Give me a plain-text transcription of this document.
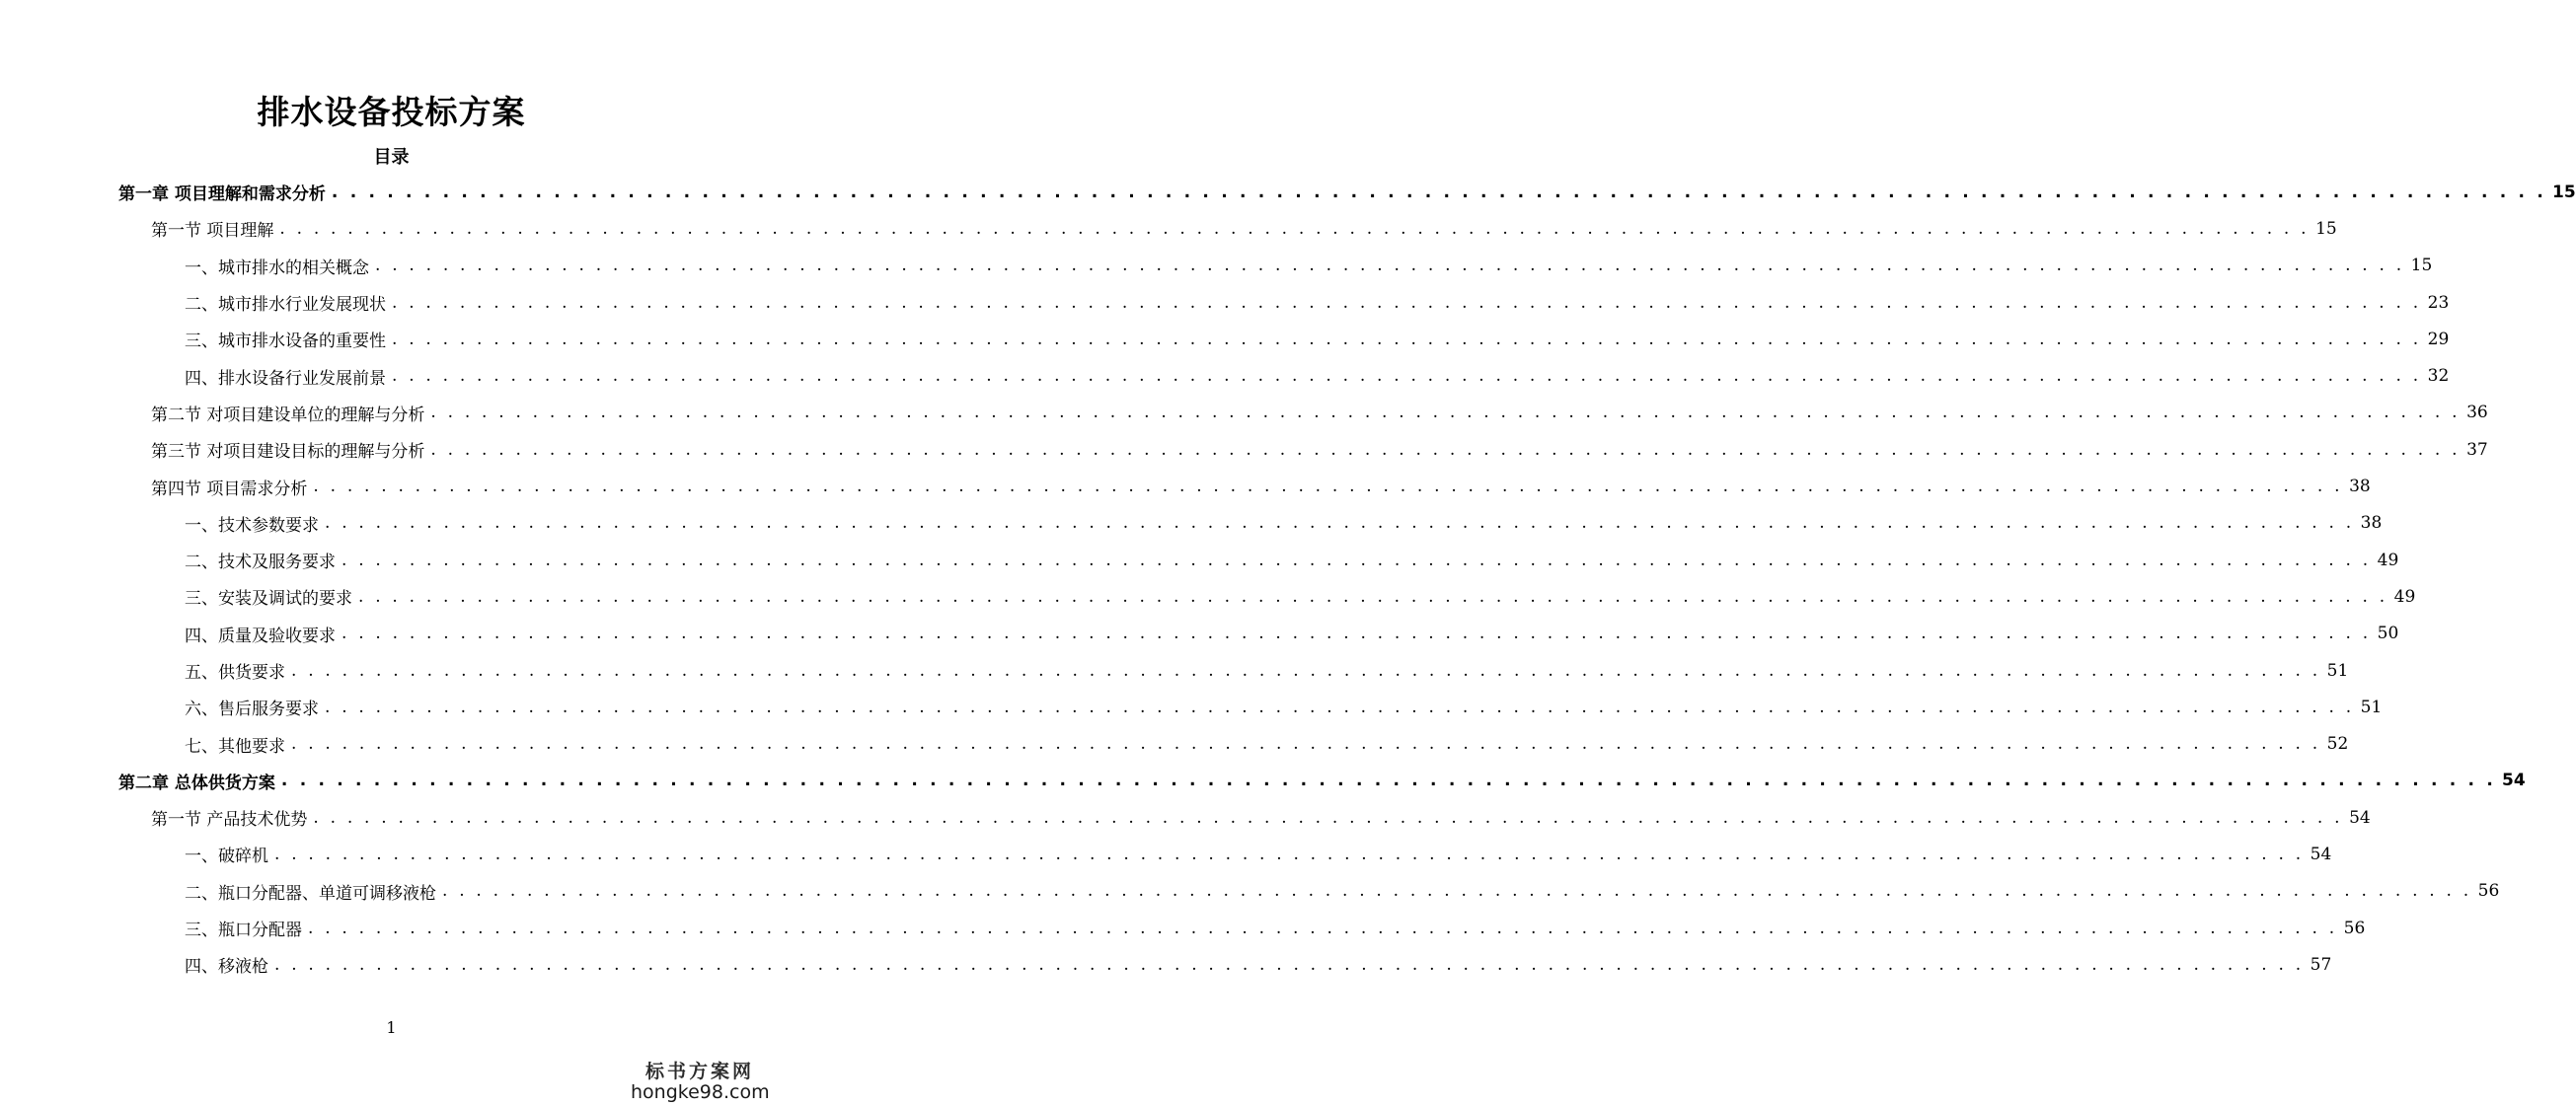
排水设备投标方案
目录
第一章 项目理解和需求分析 . . . . . . . . . . . . . . . . . . . . . . . . . . . . . . . . . . . . . . . . . . . . . . . . . . . . . . . . . . . . . . . . . . . . . . . . . . . . . . . . . . . . . . . . . . . . . . . . . . . . . . . . . . . . . . . . . . . . . . . . 15
第一节 项目理解 . . . . . . . . . . . . . . . . . . . . . . . . . . . . . . . . . . . . . . . . . . . . . . . . . . . . . . . . . . . . . . . . . . . . . . . . . . . . . . . . . . . . . . . . . . . . . . . . . . . . . . . . . . . . . . . . . . . . . . . . 15
一、城市排水的相关概念 . . . . . . . . . . . . . . . . . . . . . . . . . . . . . . . . . . . . . . . . . . . . . . . . . . . . . . . . . . . . . . . . . . . . . . . . . . . . . . . . . . . . . . . . . . . . . . . . . . . . . . . . . . . . . . . . . . . . . . . . 15
二、城市排水行业发展现状 . . . . . . . . . . . . . . . . . . . . . . . . . . . . . . . . . . . . . . . . . . . . . . . . . . . . . . . . . . . . . . . . . . . . . . . . . . . . . . . . . . . . . . . . . . . . . . . . . . . . . . . . . . . . . . . . . . . . . . . . 23
三、城市排水设备的重要性 . . . . . . . . . . . . . . . . . . . . . . . . . . . . . . . . . . . . . . . . . . . . . . . . . . . . . . . . . . . . . . . . . . . . . . . . . . . . . . . . . . . . . . . . . . . . . . . . . . . . . . . . . . . . . . . . . . . . . . . . 29
四、排水设备行业发展前景 . . . . . . . . . . . . . . . . . . . . . . . . . . . . . . . . . . . . . . . . . . . . . . . . . . . . . . . . . . . . . . . . . . . . . . . . . . . . . . . . . . . . . . . . . . . . . . . . . . . . . . . . . . . . . . . . . . . . . . . . 32
第二节 对项目建设单位的理解与分析 . . . . . . . . . . . . . . . . . . . . . . . . . . . . . . . . . . . . . . . . . . . . . . . . . . . . . . . . . . . . . . . . . . . . . . . . . . . . . . . . . . . . . . . . . . . . . . . . . . . . . . . . . . . . . . . . . . . . . . . . 36
第三节 对项目建设目标的理解与分析 . . . . . . . . . . . . . . . . . . . . . . . . . . . . . . . . . . . . . . . . . . . . . . . . . . . . . . . . . . . . . . . . . . . . . . . . . . . . . . . . . . . . . . . . . . . . . . . . . . . . . . . . . . . . . . . . . . . . . . . . 37
第四节 项目需求分析 . . . . . . . . . . . . . . . . . . . . . . . . . . . . . . . . . . . . . . . . . . . . . . . . . . . . . . . . . . . . . . . . . . . . . . . . . . . . . . . . . . . . . . . . . . . . . . . . . . . . . . . . . . . . . . . . . . . . . . . . 38
一、技术参数要求 . . . . . . . . . . . . . . . . . . . . . . . . . . . . . . . . . . . . . . . . . . . . . . . . . . . . . . . . . . . . . . . . . . . . . . . . . . . . . . . . . . . . . . . . . . . . . . . . . . . . . . . . . . . . . . . . . . . . . . . . 38
二、技术及服务要求 . . . . . . . . . . . . . . . . . . . . . . . . . . . . . . . . . . . . . . . . . . . . . . . . . . . . . . . . . . . . . . . . . . . . . . . . . . . . . . . . . . . . . . . . . . . . . . . . . . . . . . . . . . . . . . . . . . . . . . . . 49
三、安装及调试的要求 . . . . . . . . . . . . . . . . . . . . . . . . . . . . . . . . . . . . . . . . . . . . . . . . . . . . . . . . . . . . . . . . . . . . . . . . . . . . . . . . . . . . . . . . . . . . . . . . . . . . . . . . . . . . . . . . . . . . . . . . 49
四、质量及验收要求 . . . . . . . . . . . . . . . . . . . . . . . . . . . . . . . . . . . . . . . . . . . . . . . . . . . . . . . . . . . . . . . . . . . . . . . . . . . . . . . . . . . . . . . . . . . . . . . . . . . . . . . . . . . . . . . . . . . . . . . . 50
五、供货要求 . . . . . . . . . . . . . . . . . . . . . . . . . . . . . . . . . . . . . . . . . . . . . . . . . . . . . . . . . . . . . . . . . . . . . . . . . . . . . . . . . . . . . . . . . . . . . . . . . . . . . . . . . . . . . . . . . . . . . . . . 51
六、售后服务要求 . . . . . . . . . . . . . . . . . . . . . . . . . . . . . . . . . . . . . . . . . . . . . . . . . . . . . . . . . . . . . . . . . . . . . . . . . . . . . . . . . . . . . . . . . . . . . . . . . . . . . . . . . . . . . . . . . . . . . . . . 51
七、其他要求 . . . . . . . . . . . . . . . . . . . . . . . . . . . . . . . . . . . . . . . . . . . . . . . . . . . . . . . . . . . . . . . . . . . . . . . . . . . . . . . . . . . . . . . . . . . . . . . . . . . . . . . . . . . . . . . . . . . . . . . . 52
第二章 总体供货方案 . . . . . . . . . . . . . . . . . . . . . . . . . . . . . . . . . . . . . . . . . . . . . . . . . . . . . . . . . . . . . . . . . . . . . . . . . . . . . . . . . . . . . . . . . . . . . . . . . . . . . . . . . . . . . . . . . . . . . . . . 54
第一节 产品技术优势 . . . . . . . . . . . . . . . . . . . . . . . . . . . . . . . . . . . . . . . . . . . . . . . . . . . . . . . . . . . . . . . . . . . . . . . . . . . . . . . . . . . . . . . . . . . . . . . . . . . . . . . . . . . . . . . . . . . . . . . . 54
一、破碎机 . . . . . . . . . . . . . . . . . . . . . . . . . . . . . . . . . . . . . . . . . . . . . . . . . . . . . . . . . . . . . . . . . . . . . . . . . . . . . . . . . . . . . . . . . . . . . . . . . . . . . . . . . . . . . . . . . . . . . . . . 54
二、瓶口分配器、单道可调移液枪 . . . . . . . . . . . . . . . . . . . . . . . . . . . . . . . . . . . . . . . . . . . . . . . . . . . . . . . . . . . . . . . . . . . . . . . . . . . . . . . . . . . . . . . . . . . . . . . . . . . . . . . . . . . . . . . . . . . . . . . . 56
三、瓶口分配器 . . . . . . . . . . . . . . . . . . . . . . . . . . . . . . . . . . . . . . . . . . . . . . . . . . . . . . . . . . . . . . . . . . . . . . . . . . . . . . . . . . . . . . . . . . . . . . . . . . . . . . . . . . . . . . . . . . . . . . . . 56
四、移液枪 . . . . . . . . . . . . . . . . . . . . . . . . . . . . . . . . . . . . . . . . . . . . . . . . . . . . . . . . . . . . . . . . . . . . . . . . . . . . . . . . . . . . . . . . . . . . . . . . . . . . . . . . . . . . . . . . . . . . . . . . 57
1
标书方案网
hongke98.com
